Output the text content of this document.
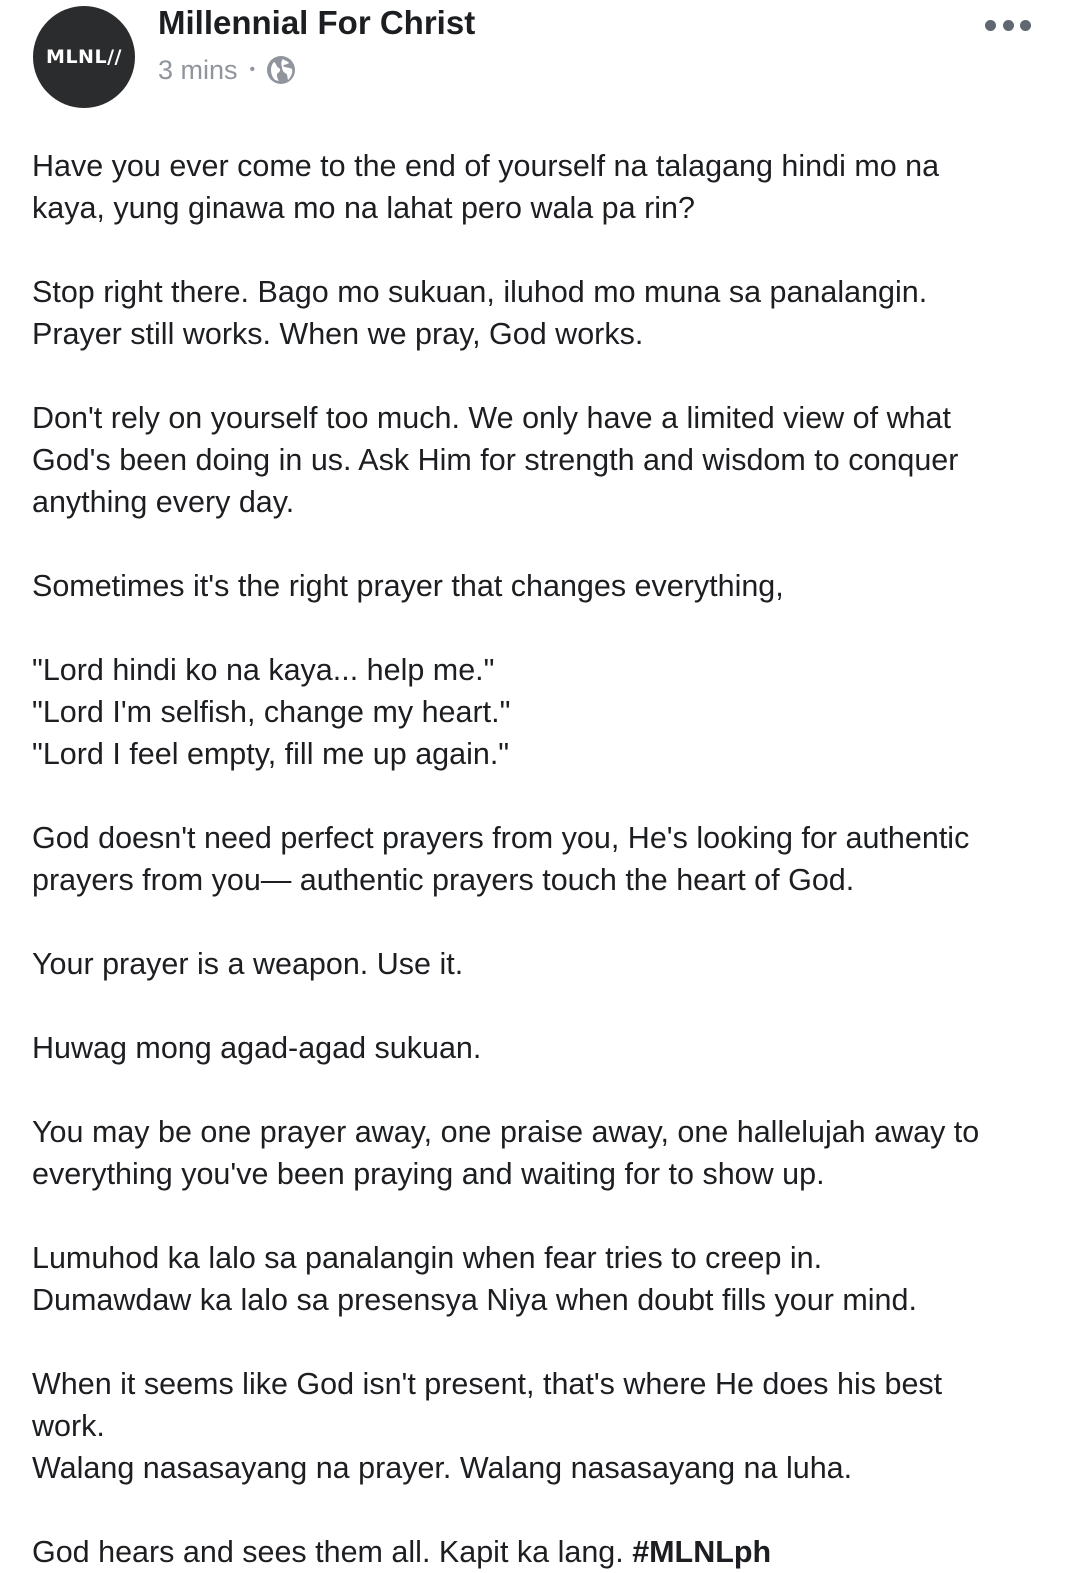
MLNL//
Millennial For Christ
3 mins •

Have you ever come to the end of yourself na talagang hindi mo na
kaya, yung ginawa mo na lahat pero wala pa rin?

Stop right there. Bago mo sukuan, iluhod mo muna sa panalangin.
Prayer still works. When we pray, God works.

Don't rely on yourself too much. We only have a limited view of what
God's been doing in us. Ask Him for strength and wisdom to conquer
anything every day.

Sometimes it's the right prayer that changes everything,

"Lord hindi ko na kaya... help me."
"Lord I'm selfish, change my heart."
"Lord I feel empty, fill me up again."

God doesn't need perfect prayers from you, He's looking for authentic
prayers from you— authentic prayers touch the heart of God.

Your prayer is a weapon. Use it.

Huwag mong agad-agad sukuan.

You may be one prayer away, one praise away, one hallelujah away to
everything you've been praying and waiting for to show up.

Lumuhod ka lalo sa panalangin when fear tries to creep in.
Dumawdaw ka lalo sa presensya Niya when doubt fills your mind.

When it seems like God isn't present, that's where He does his best
work.
Walang nasasayang na prayer. Walang nasasayang na luha.

God hears and sees them all. Kapit ka lang. #MLNLph
